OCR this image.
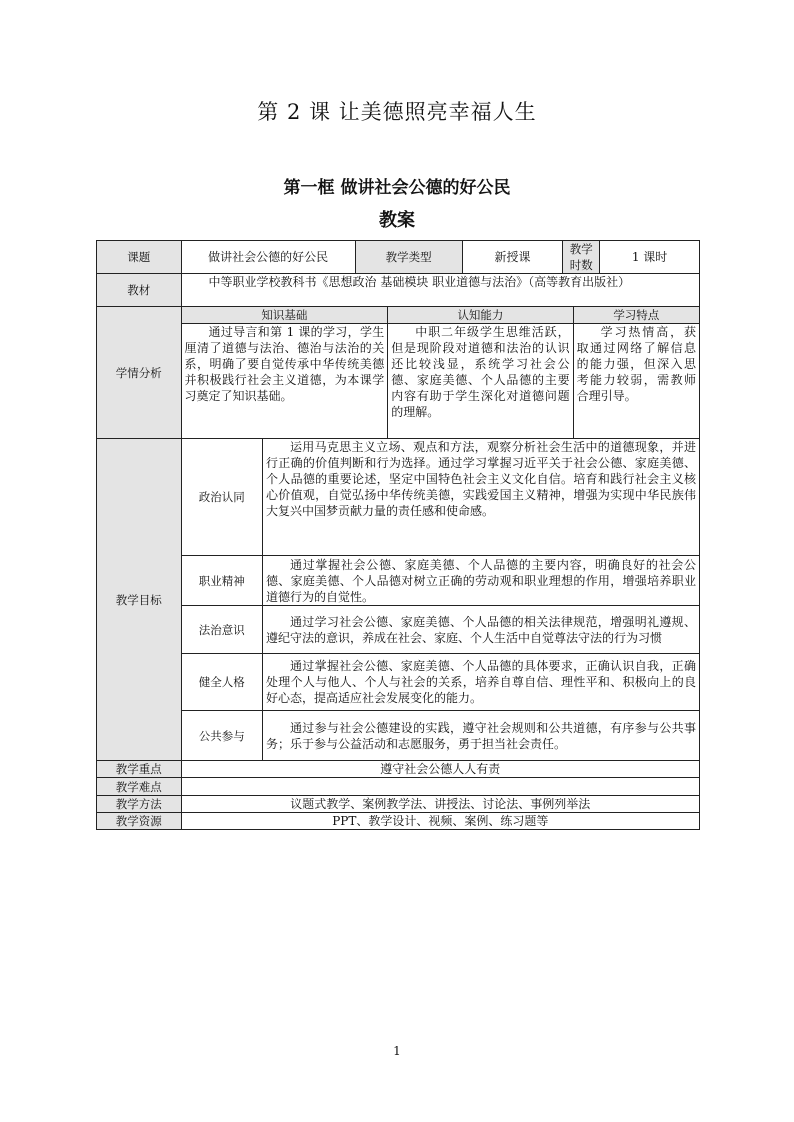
第 2 课 让美德照亮幸福人生
第一框 做讲社会公德的好公民
教案
课题	做讲社会公德的好公民		教学类型		新授课	教学时数		1 课时
教材	中等职业学校教科书《思想政治 基础模块 职业道德与法治》（高等教育出版社）							
学情分析	知识基础			认知能力			学习特点	
	通过导言和第 1 课的学习，学生厘清了道德与法治、德治与法治的关系，明确了要自觉传承中华传统美德并积极践行社会主义道德，为本课学习奠定了知识基础。			中职二年级学生思维活跃，但是现阶段对道德和法治的认识还比较浅显，系统学习社会公德、家庭美德、个人品德的主要内容有助于学生深化对道德问题的理解。			学习热情高，获取通过网络了解信息的能力强，但深入思考能力较弱，需教师合理引导。	
教学目标	政治认同	运用马克思主义立场、观点和方法，观察分析社会生活中的道德现象，并进行正确的价值判断和行为选择。通过学习掌握习近平关于社会公德、家庭美德、个人品德的重要论述，坚定中国特色社会主义文化自信。培育和践行社会主义核心价值观，自觉弘扬中华传统美德，实践爱国主义精神，增强为实现中华民族伟大复兴中国梦贡献力量的责任感和使命感。						
	职业精神	通过掌握社会公德、家庭美德、个人品德的主要内容，明确良好的社会公德、家庭美德、个人品德对树立正确的劳动观和职业理想的作用，增强培养职业道德行为的自觉性。						
	法治意识	通过学习社会公德、家庭美德、个人品德的相关法律规范，增强明礼遵规、遵纪守法的意识，养成在社会、家庭、个人生活中自觉尊法守法的行为习惯						
	健全人格	通过掌握社会公德、家庭美德、个人品德的具体要求，正确认识自我，正确处理个人与他人、个人与社会的关系，培养自尊自信、理性平和、积极向上的良好心态，提高适应社会发展变化的能力。						
	公共参与	通过参与社会公德建设的实践，遵守社会规则和公共道德，有序参与公共事务；乐于参与公益活动和志愿服务，勇于担当社会责任。						
教学重点	遵守社会公德人人有责							
教学难点								
教学方法	议题式教学、案例教学法、讲授法、讨论法、事例列举法							
教学资源	PPT、教学设计、视频、案例、练习题等							
1
